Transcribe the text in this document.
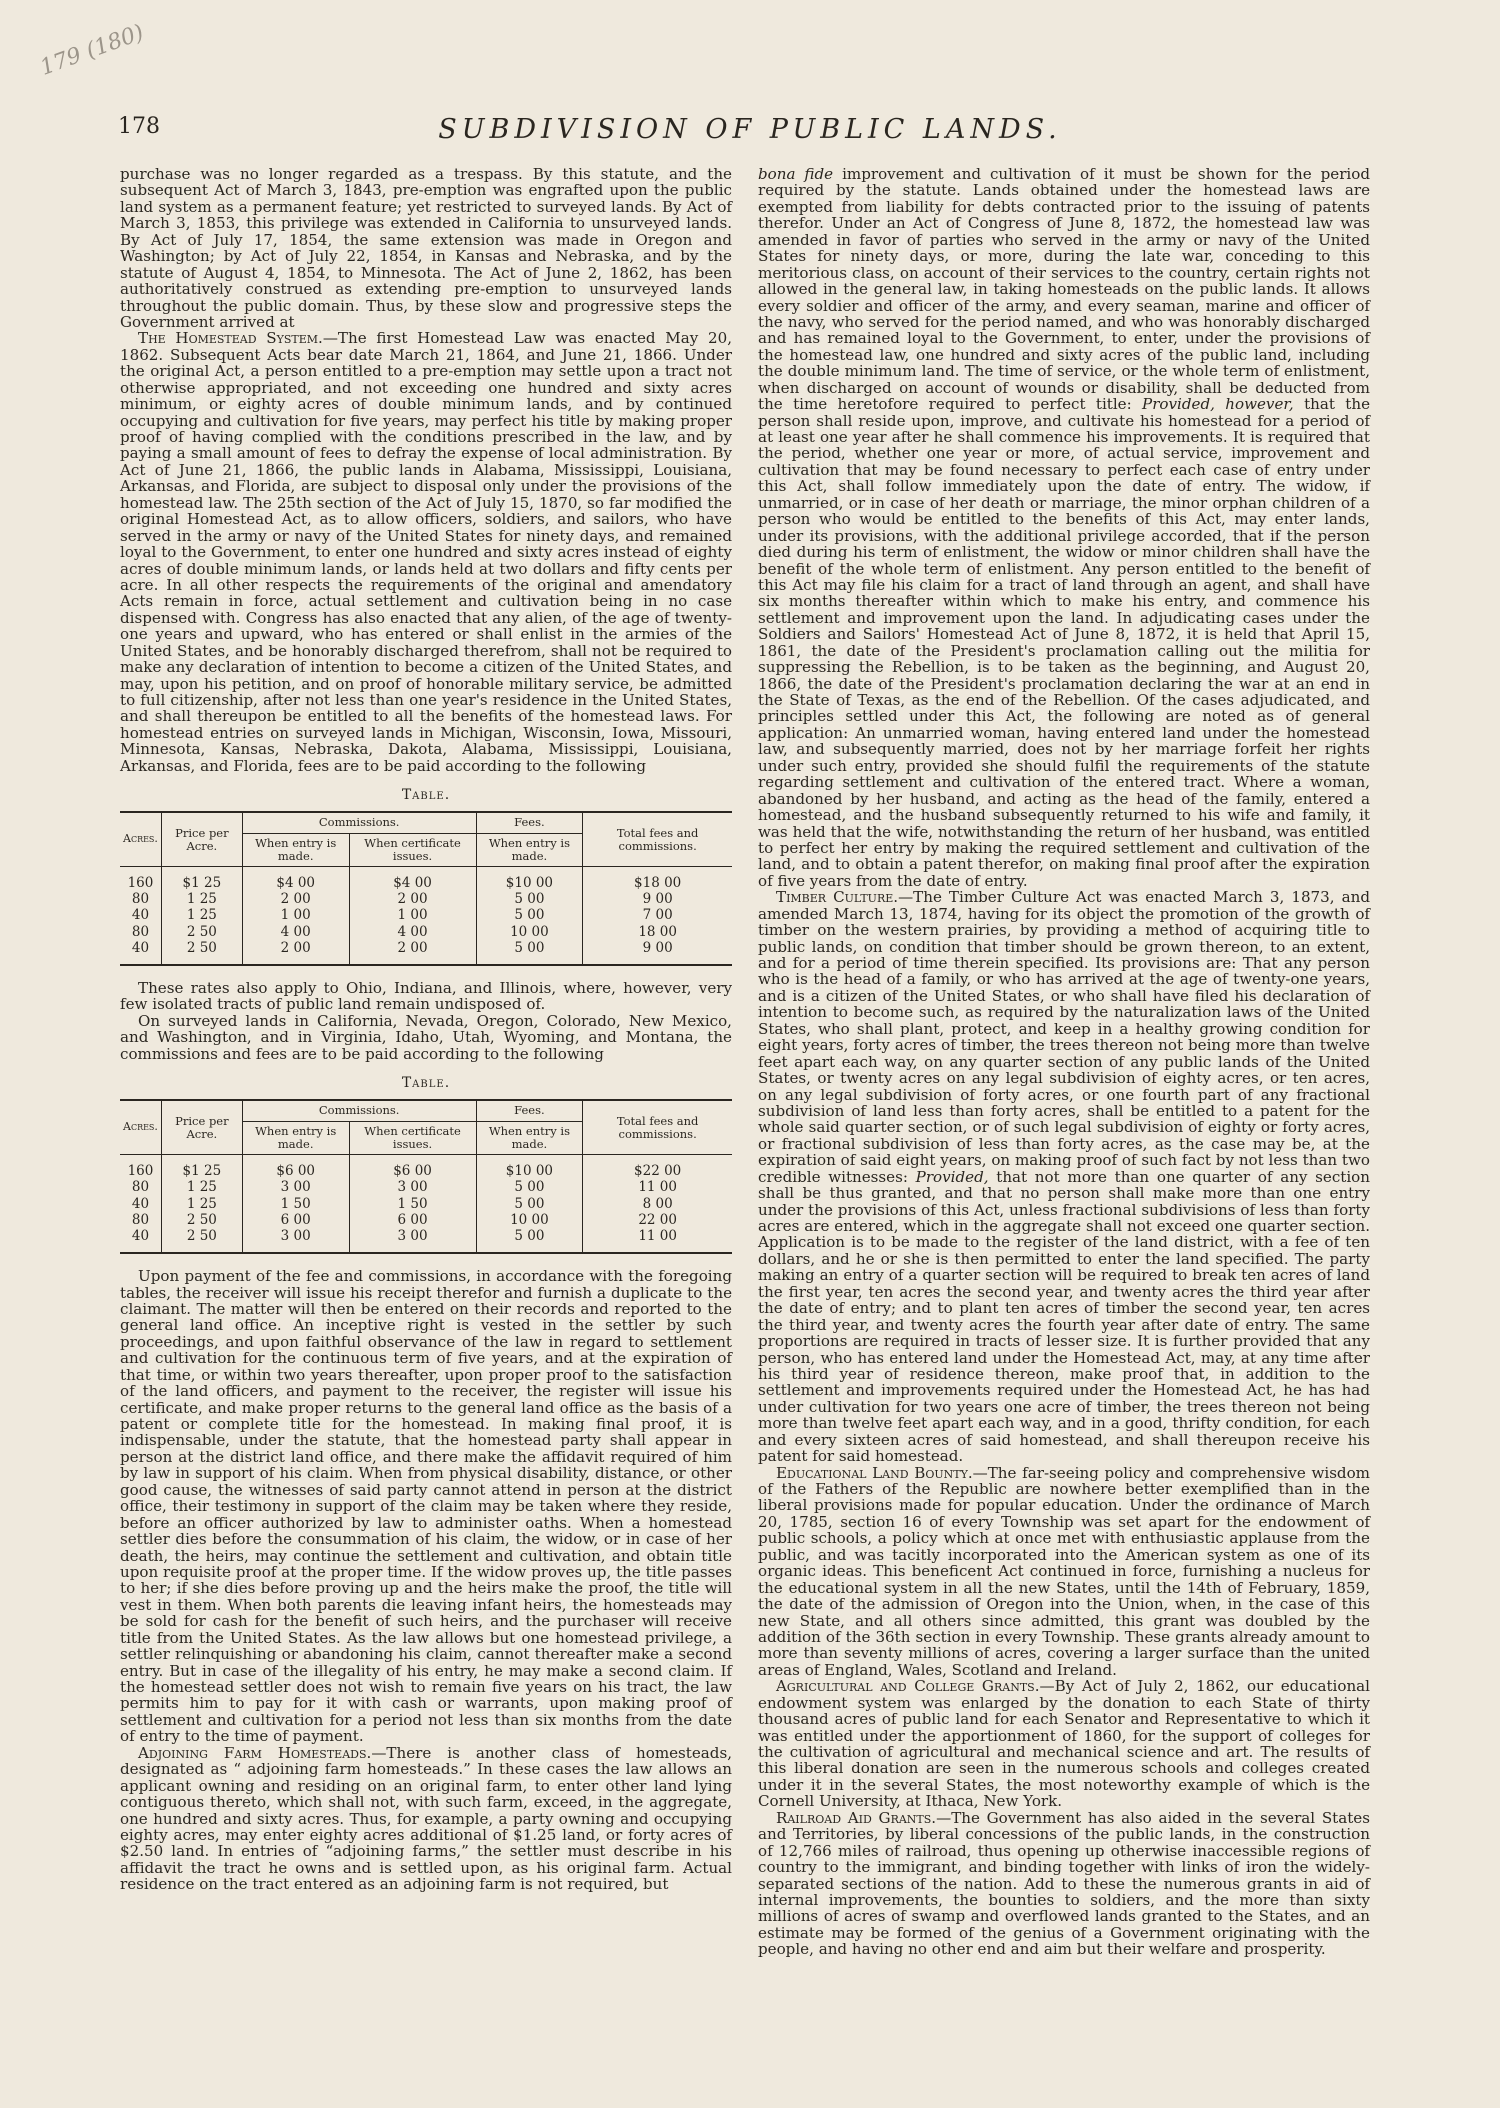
179 (180)
178	SUBDIVISION OF PUBLIC LANDS.

purchase was no longer regarded as a trespass. By this statute, and the subsequent Act of March 3, 1843, pre-emption was engrafted upon the public land system as a permanent feature; yet restricted to surveyed lands. By Act of March 3, 1853, this privilege was extended in California to unsurveyed lands. By Act of July 17, 1854, the same extension was made in Oregon and Washington; by Act of July 22, 1854, in Kansas and Nebraska, and by the statute of August 4, 1854, to Minnesota. The Act of June 2, 1862, has been authoritatively construed as extending pre-emption to unsurveyed lands throughout the public domain. Thus, by these slow and progressive steps the Government arrived at

The Homestead System.—The first Homestead Law was enacted May 20, 1862. Subsequent Acts bear date March 21, 1864, and June 21, 1866. Under the original Act, a person entitled to a pre-emption may settle upon a tract not otherwise appropriated, and not exceeding one hundred and sixty acres minimum, or eighty acres of double minimum lands, and by continued occupying and cultivation for five years, may perfect his title by making proper proof of having complied with the conditions prescribed in the law, and by paying a small amount of fees to defray the expense of local administration. By Act of June 21, 1866, the public lands in Alabama, Mississippi, Louisiana, Arkansas, and Florida, are subject to disposal only under the provisions of the homestead law. The 25th section of the Act of July 15, 1870, so far modified the original Homestead Act, as to allow officers, soldiers, and sailors, who have served in the army or navy of the United States for ninety days, and remained loyal to the Government, to enter one hundred and sixty acres instead of eighty acres of double minimum lands, or lands held at two dollars and fifty cents per acre. In all other respects the requirements of the original and amendatory Acts remain in force, actual settlement and cultivation being in no case dispensed with. Congress has also enacted that any alien, of the age of twenty-one years and upward, who has entered or shall enlist in the armies of the United States, and be honorably discharged therefrom, shall not be required to make any declaration of intention to become a citizen of the United States, and may, upon his petition, and on proof of honorable military service, be admitted to full citizenship, after not less than one year's residence in the United States, and shall thereupon be entitled to all the benefits of the homestead laws. For homestead entries on surveyed lands in Michigan, Wisconsin, Iowa, Missouri, Minnesota, Kansas, Nebraska, Dakota, Alabama, Mississippi, Louisiana, Arkansas, and Florida, fees are to be paid according to the following

Table.
Acres.	Price per Acre.	Commissions.		Fees.	Total fees and commissions.
		When entry is made.	When certificate issues.	When entry is made.	
160	$1 25	$4 00	$4 00	$10 00	$18 00
80	1 25	2 00	2 00	5 00	9 00
40	1 25	1 00	1 00	5 00	7 00
80	2 50	4 00	4 00	10 00	18 00
40	2 50	2 00	2 00	5 00	9 00

These rates also apply to Ohio, Indiana, and Illinois, where, however, very few isolated tracts of public land remain undisposed of.

On surveyed lands in California, Nevada, Oregon, Colorado, New Mexico, and Washington, and in Virginia, Idaho, Utah, Wyoming, and Montana, the commissions and fees are to be paid according to the following

Table.
Acres.	Price per Acre.	Commissions.		Fees.	Total fees and commissions.
		When entry is made.	When certificate issues.	When entry is made.	
160	$1 25	$6 00	$6 00	$10 00	$22 00
80	1 25	3 00	3 00	5 00	11 00
40	1 25	1 50	1 50	5 00	8 00
80	2 50	6 00	6 00	10 00	22 00
40	2 50	3 00	3 00	5 00	11 00

Upon payment of the fee and commissions, in accordance with the foregoing tables, the receiver will issue his receipt therefor and furnish a duplicate to the claimant. The matter will then be entered on their records and reported to the general land office. An inceptive right is vested in the settler by such proceedings, and upon faithful observance of the law in regard to settlement and cultivation for the continuous term of five years, and at the expiration of that time, or within two years thereafter, upon proper proof to the satisfaction of the land officers, and payment to the receiver, the register will issue his certificate, and make proper returns to the general land office as the basis of a patent or complete title for the homestead. In making final proof, it is indispensable, under the statute, that the homestead party shall appear in person at the district land office, and there make the affidavit required of him by law in support of his claim. When from physical disability, distance, or other good cause, the witnesses of said party cannot attend in person at the district office, their testimony in support of the claim may be taken where they reside, before an officer authorized by law to administer oaths. When a homestead settler dies before the consummation of his claim, the widow, or in case of her death, the heirs, may continue the settlement and cultivation, and obtain title upon requisite proof at the proper time. If the widow proves up, the title passes to her; if she dies before proving up and the heirs make the proof, the title will vest in them. When both parents die leaving infant heirs, the homesteads may be sold for cash for the benefit of such heirs, and the purchaser will receive title from the United States. As the law allows but one homestead privilege, a settler relinquishing or abandoning his claim, cannot thereafter make a second entry. But in case of the illegality of his entry, he may make a second claim. If the homestead settler does not wish to remain five years on his tract, the law permits him to pay for it with cash or warrants, upon making proof of settlement and cultivation for a period not less than six months from the date of entry to the time of payment.

Adjoining Farm Homesteads.—There is another class of homesteads, designated as “ adjoining farm homesteads.” In these cases the law allows an applicant owning and residing on an original farm, to enter other land lying contiguous thereto, which shall not, with such farm, exceed, in the aggregate, one hundred and sixty acres. Thus, for example, a party owning and occupying eighty acres, may enter eighty acres additional of $1.25 land, or forty acres of $2.50 land. In entries of “adjoining farms,” the settler must describe in his affidavit the tract he owns and is settled upon, as his original farm. Actual residence on the tract entered as an adjoining farm is not required, but

bona fide improvement and cultivation of it must be shown for the period required by the statute. Lands obtained under the homestead laws are exempted from liability for debts contracted prior to the issuing of patents therefor. Under an Act of Congress of June 8, 1872, the homestead law was amended in favor of parties who served in the army or navy of the United States for ninety days, or more, during the late war, conceding to this meritorious class, on account of their services to the country, certain rights not allowed in the general law, in taking homesteads on the public lands. It allows every soldier and officer of the army, and every seaman, marine and officer of the navy, who served for the period named, and who was honorably discharged and has remained loyal to the Government, to enter, under the provisions of the homestead law, one hundred and sixty acres of the public land, including the double minimum land. The time of service, or the whole term of enlistment, when discharged on account of wounds or disability, shall be deducted from the time heretofore required to perfect title: Provided, however, that the person shall reside upon, improve, and cultivate his homestead for a period of at least one year after he shall commence his improvements. It is required that the period, whether one year or more, of actual service, improvement and cultivation that may be found necessary to perfect each case of entry under this Act, shall follow immediately upon the date of entry. The widow, if unmarried, or in case of her death or marriage, the minor orphan children of a person who would be entitled to the benefits of this Act, may enter lands, under its provisions, with the additional privilege accorded, that if the person died during his term of enlistment, the widow or minor children shall have the benefit of the whole term of enlistment. Any person entitled to the benefit of this Act may file his claim for a tract of land through an agent, and shall have six months thereafter within which to make his entry, and commence his settlement and improvement upon the land. In adjudicating cases under the Soldiers and Sailors' Homestead Act of June 8, 1872, it is held that April 15, 1861, the date of the President's proclamation calling out the militia for suppressing the Rebellion, is to be taken as the beginning, and August 20, 1866, the date of the President's proclamation declaring the war at an end in the State of Texas, as the end of the Rebellion. Of the cases adjudicated, and principles settled under this Act, the following are noted as of general application: An unmarried woman, having entered land under the homestead law, and subsequently married, does not by her marriage forfeit her rights under such entry, provided she should fulfil the requirements of the statute regarding settlement and cultivation of the entered tract. Where a woman, abandoned by her husband, and acting as the head of the family, entered a homestead, and the husband subsequently returned to his wife and family, it was held that the wife, notwithstanding the return of her husband, was entitled to perfect her entry by making the required settlement and cultivation of the land, and to obtain a patent therefor, on making final proof after the expiration of five years from the date of entry.

Timber Culture.—The Timber Culture Act was enacted March 3, 1873, and amended March 13, 1874, having for its object the promotion of the growth of timber on the western prairies, by providing a method of acquiring title to public lands, on condition that timber should be grown thereon, to an extent, and for a period of time therein specified. Its provisions are: That any person who is the head of a family, or who has arrived at the age of twenty-one years, and is a citizen of the United States, or who shall have filed his declaration of intention to become such, as required by the naturalization laws of the United States, who shall plant, protect, and keep in a healthy growing condition for eight years, forty acres of timber, the trees thereon not being more than twelve feet apart each way, on any quarter section of any public lands of the United States, or twenty acres on any legal subdivision of eighty acres, or ten acres, on any legal subdivision of forty acres, or one fourth part of any fractional subdivision of land less than forty acres, shall be entitled to a patent for the whole said quarter section, or of such legal subdivision of eighty or forty acres, or fractional subdivision of less than forty acres, as the case may be, at the expiration of said eight years, on making proof of such fact by not less than two credible witnesses: Provided, that not more than one quarter of any section shall be thus granted, and that no person shall make more than one entry under the provisions of this Act, unless fractional subdivisions of less than forty acres are entered, which in the aggregate shall not exceed one quarter section. Application is to be made to the register of the land district, with a fee of ten dollars, and he or she is then permitted to enter the land specified. The party making an entry of a quarter section will be required to break ten acres of land the first year, ten acres the second year, and twenty acres the third year after the date of entry; and to plant ten acres of timber the second year, ten acres the third year, and twenty acres the fourth year after date of entry. The same proportions are required in tracts of lesser size. It is further provided that any person, who has entered land under the Homestead Act, may, at any time after his third year of residence thereon, make proof that, in addition to the settlement and improvements required under the Homestead Act, he has had under cultivation for two years one acre of timber, the trees thereon not being more than twelve feet apart each way, and in a good, thrifty condition, for each and every sixteen acres of said homestead, and shall thereupon receive his patent for said homestead.

Educational Land Bounty.—The far-seeing policy and comprehensive wisdom of the Fathers of the Republic are nowhere better exemplified than in the liberal provisions made for popular education. Under the ordinance of March 20, 1785, section 16 of every Township was set apart for the endowment of public schools, a policy which at once met with enthusiastic applause from the public, and was tacitly incorporated into the American system as one of its organic ideas. This beneficent Act continued in force, furnishing a nucleus for the educational system in all the new States, until the 14th of February, 1859, the date of the admission of Oregon into the Union, when, in the case of this new State, and all others since admitted, this grant was doubled by the addition of the 36th section in every Township. These grants already amount to more than seventy millions of acres, covering a larger surface than the united areas of England, Wales, Scotland and Ireland.

Agricultural and College Grants.—By Act of July 2, 1862, our educational endowment system was enlarged by the donation to each State of thirty thousand acres of public land for each Senator and Representative to which it was entitled under the apportionment of 1860, for the support of colleges for the cultivation of agricultural and mechanical science and art. The results of this liberal donation are seen in the numerous schools and colleges created under it in the several States, the most noteworthy example of which is the Cornell University, at Ithaca, New York.

Railroad Aid Grants.—The Government has also aided in the several States and Territories, by liberal concessions of the public lands, in the construction of 12,766 miles of railroad, thus opening up otherwise inaccessible regions of country to the immigrant, and binding together with links of iron the widely-separated sections of the nation. Add to these the numerous grants in aid of internal improvements, the bounties to soldiers, and the more than sixty millions of acres of swamp and overflowed lands granted to the States, and an estimate may be formed of the genius of a Government originating with the people, and having no other end and aim but their welfare and prosperity.
